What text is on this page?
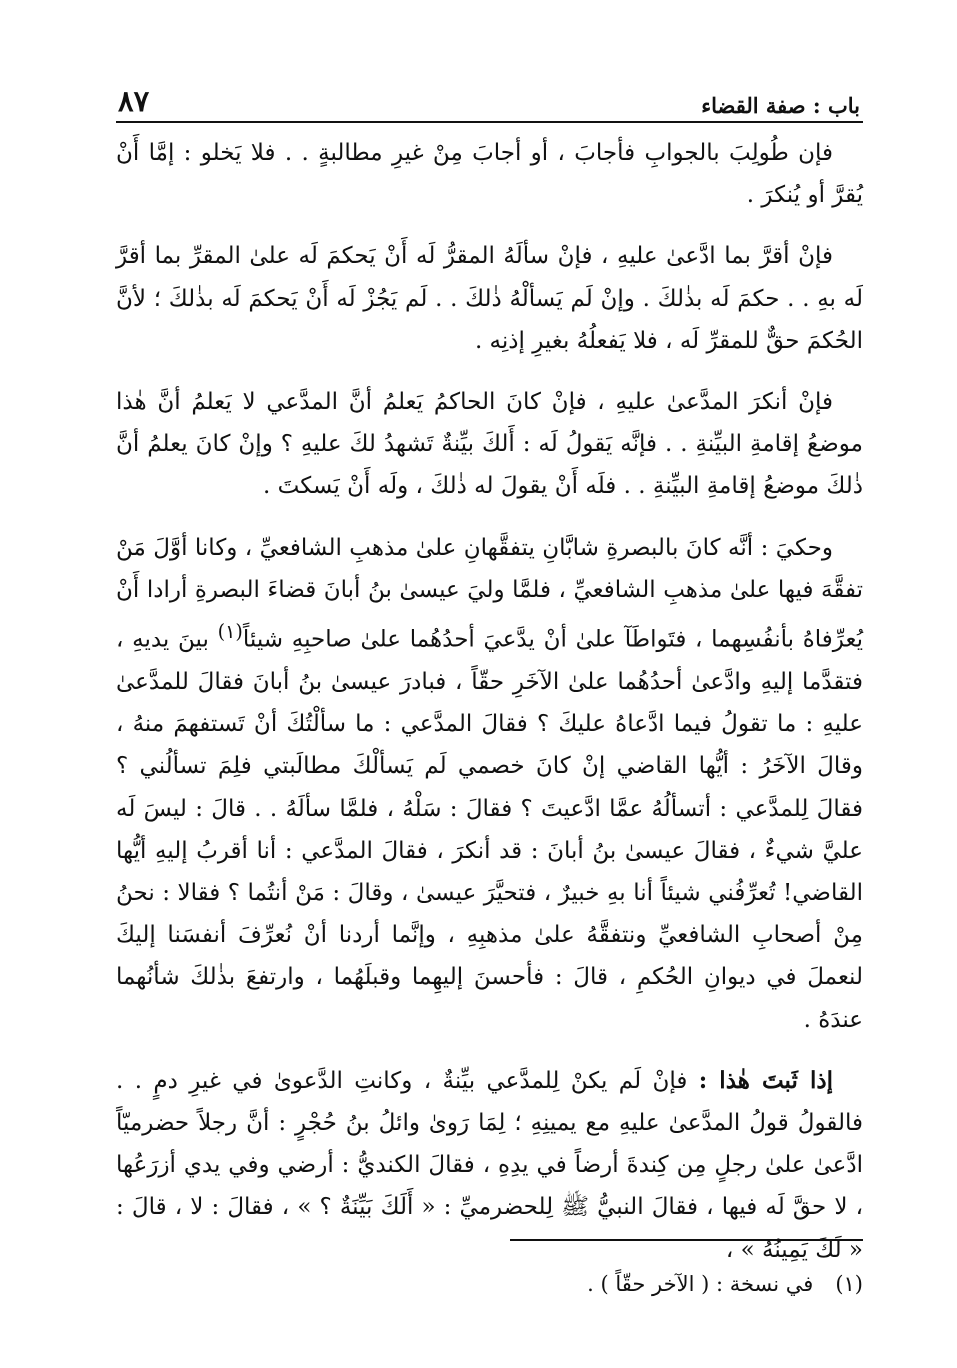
باب : صفة القضاء
٨٧

فإن طُولِبَ بالجوابِ فأجابَ ، أو أجابَ مِنْ غيرِ مطالبةٍ . . فلا يَخلو : إمَّا أَنْ يُقرَّ أو يُنكرَ .

فإنْ أقرَّ بما ادَّعىٰ عليهِ ، فإنْ سألَهُ المقرُّ لَه أَنْ يَحكمَ لَه علىٰ المقرِّ بما أقرَّ لَه بهِ . . حكمَ لَه بذٰلكَ . وإنْ لَم يَسألْهُ ذٰلكَ . . لَم يَجُزْ لَه أَنْ يَحكمَ لَه بذٰلكَ ؛ لأنَّ الحُكمَ حقٌّ للمقرِّ لَه ، فلا يَفعلُهُ بغيرِ إذنِه .

فإنْ أنكرَ المدَّعىٰ عليهِ ، فإنْ كانَ الحاكمُ يَعلمُ أنَّ المدَّعي لا يَعلمُ أنَّ هٰذا موضعُ إقامةِ البيِّنةِ . . فإنَّه يَقولُ لَه : أَلكَ بيِّنةٌ تَشهدُ لكَ عليهِ ؟ وإنْ كانَ يعلمُ أنَّ ذٰلكَ موضعُ إقامةِ البيِّنةِ . . فلَه أَنْ يقولَ له ذٰلكَ ، ولَه أَنْ يَسكتَ .

وحكيَ : أنَّه كانَ بالبصرةِ شابَّانِ يتفقَّهانِ علىٰ مذهبِ الشافعيِّ ، وكانا أوَّلَ مَنْ تفقَّهَ فيها علىٰ مذهبِ الشافعيِّ ، فلمَّا وليَ عيسىٰ بنُ أبانَ قضاءَ البصرةِ أرادا أَنْ يُعرِّفاهُ بأنفُسِهما ، فتَواطَآ علىٰ أنْ يدَّعيَ أحدُهُما علىٰ صاحبِهِ شيئاً$^{(١)}$ بينَ يديهِ ، فتقدَّما إليهِ وادَّعىٰ أحدُهُما علىٰ الآخَرِ حقّاً ، فبادرَ عيسىٰ بنُ أبانَ فقالَ للمدَّعىٰ عليهِ : ما تقولُ فيما ادَّعاهُ عليكَ ؟ فقالَ المدَّعي : ما سألْتُكَ أنْ تَستفهمَ منهُ ، وقالَ الآخَرُ : أيُّها القاضي إنْ كانَ خصمي لَم يَسألْكَ مطالَبتي فلِمَ تسألُني ؟ فقالَ لِلمدَّعي : أتسألُهُ عمَّا ادَّعيتَ ؟ فقالَ : سَلْهُ ، فلمَّا سألَهُ . . قالَ : ليسَ لَه عليَّ شيءٌ ، فقالَ عيسىٰ بنُ أبانَ : قد أنكرَ ، فقالَ المدَّعي : أنا أقربُ إليهِ أيُّها القاضي! تُعرِّفُني شيئاً أنا بهِ خبيرٌ ، فتحيَّرَ عيسىٰ ، وقالَ : مَنْ أنتُما ؟ فقالا : نحنُ مِنْ أصحابِ الشافعيِّ ونتفقَّهُ علىٰ مذهبِهِ ، وإنَّما أردنا أنْ نُعرِّفَ أنفسَنا إليكَ لنعملَ في ديوانِ الحُكمِ ، قالَ : فأحسنَ إليهِما وقبلَهُما ، وارتفعَ بذٰلكَ شأنُهما عندَهُ .

إذا ثَبتَ هٰذا : فإنْ لَم يكنْ لِلمدَّعي بيِّنةٌ ، وكانتِ الدَّعوىٰ في غيرِ دمٍ . . فالقولُ قولُ المدَّعىٰ عليهِ مع يمينِهِ ؛ لِمَا رَوىٰ وائلُ بنُ حُجْرٍ : أنَّ رجلاً حضرميّاً ادَّعىٰ علىٰ رجلٍ مِن كِندةَ أرضاً في يدِهِ ، فقالَ الكنديُّ : أرضي وفي يدي أزرَعُها ، لا حقَّ لَه فيها ، فقالَ النبيُّ ﷺ لِلحضرميِّ : « أَلَكَ بَيِّنَةٌ ؟ » ، فقالَ : لا ، قالَ : « لَكَ يَمِينُهُ » ،

(١)في نسخة : ( الآخر حقّاً ) .
